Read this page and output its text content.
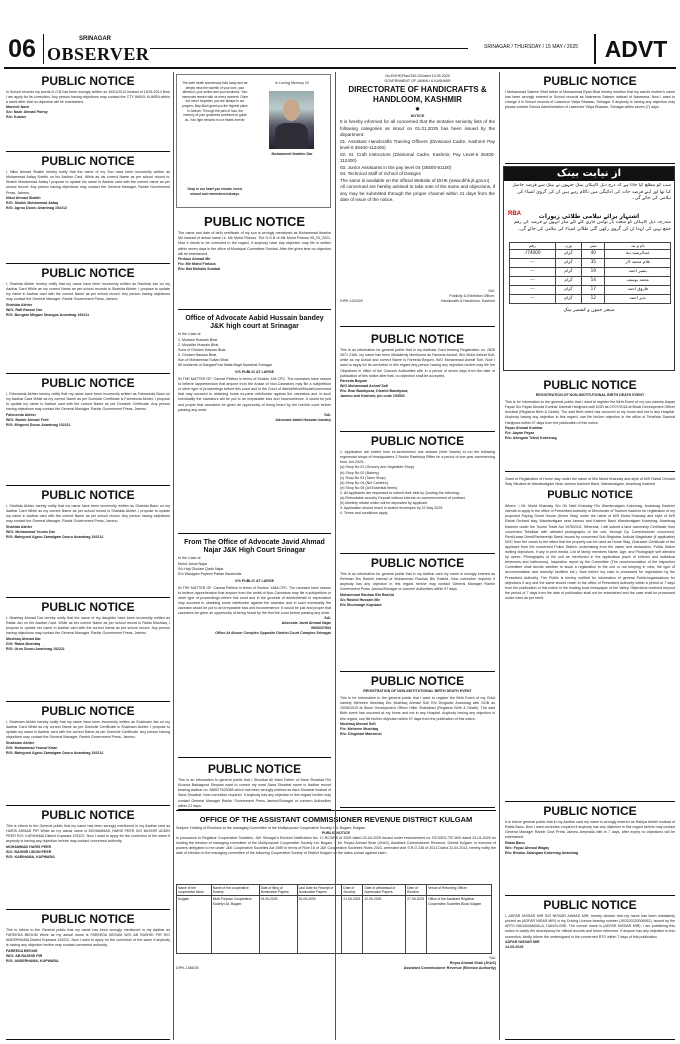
06	SRINAGAR
OBSERVER	SRINAGAR / THURSDAY / 15 MAY / 2025	ADVT
The sixth death anniversary falls today and we deeply miss the warmth of your love, your affection, your smiles and your kindness. Your memories remain with us every moment. Gone but never forgotten; you are always in our prayers. May Allah grant you the highest place in Jannah. Through the pain of loss, the memory of your goodness continues to guide us. Your light remains in our hearts forever.
Deep in our heart you remain, loved, missed and remembered always.
In Loving Memory Of
Mohammed Ibrahim Dar
No:DHHK/Plan/330-D/Dated 13.05.2025
GOVERNMENT OF JAMMU & KASHMIR
DIRECTORATE OF HANDICRAFTS & HANDLOOM, KASHMIR
✸
NOTICE
It is hereby informed for all concerned that the tentative seniority lists of the following categories as stood on 01.01.2025 has been issued by the department:
01. Assistant Handicrafts Training Officers (Divisional Cadre, Kashmir Pay level-6 35400-112400)
02. Sr. Craft Instructors (Divisional Cadre, Kashmir, Pay Level-6 35400-112400)
03. Junior Assistants in the pay level 04 (25500-81100)
04. Technical Staff of School of Designs
The same is available on the official Website of DIHK (www.dihk.jk.gov.in)
All concerned are hereby advised to take note of the same and objections, if any may be submitted through the proper channel within 21 days from the date of issue of the notice.
Sd/-
Publicity & Exhibition Officer,
DIPK-1423/25	Handicrafts & Handloom, Kashmir
OFFICE OF THE ASSISTANT COMMISSIONER REVENUE DISTRICT KULGAM
Subject: Holding of Elections to the managing Committee of the Multipurpose Cooperative Society Ltd. Bugam, Kulgam.
PUBLIC NOTICE
In pursuance to Registrar Cooperative Societies, J&K Srinagar's Election Notification No: 17-RCS/ES of 2025 dated 23-04-2025 issued under endorsement no: RCS/ES/-797-805 dated 23-04-2025 for holding the election of managing committee of the Multipurpose Cooperative Society Ltd. Bugam, I, Mr. Reyaz Ahmad Shah (JKAS), Assistant Commissioner Revenue, District Kulgam. In exercise of powers delegated to me under J&K Cooperative Societies Act 1989 in terms of Rule 16 of J&K Cooperative Societies Rules 2003, amended vide S.R.O 236 of 2013 Dated 23-04-2013, hereby notify the date of election to the managing committee of the following Cooperative Society of District Kulgam on the dates shown against each:-
Name of the cooperative block	Name of the cooperative Society	Date of filing of Nomination Papers	Last Date for Receipt of Nomination Papers	Date of Scrutiny	Date of withdrawal of Nomination Papers	Date of Election	Venue of Returning Officer
Kulgam	Multi Purpose Cooperative Society Ltd. Bugam	19-05-2025	20-05-2025	21-05-2025	22-05-2025	27-05-2025	Office of the Assistant Registrar Cooperative Societies Block Kulgam
Sd/-
Reyaz Ahmad Shah (JKAS)
DIPK-1385/25	Assistant Commissioner Revenue (Election Authority)
از نیابت بینک
سب کو مطلع کیا جاتا ہے کہ درج ذیل گاہکان بینک جنہوں نے بینک سے قرضہ حاصل کیا تھا اور اپنے قرضہ جات کی ادائیگی میں ناکام رہے ہیں ان کی گروی اشیاء کی نیلامی کی جائے گی۔
RBA	اشتہار برائے نیلامی طلائی زیورات
مندرجہ ذیل گاہکان کو متعدد بار نوٹس جاری کئے گئے مگر انہوں نے قرضہ کی رقم جمع نہیں کی لہٰذا ان کی گروی رکھی گئی طلائی اشیاء کی نیلامی کی جائے گی۔
نام و پتہ	نمبر	وزن	رقم
عبدالرشید بٹ	40	گرام	74000/-
غلام محمد ڈار	35	گرام	---
بشیر احمد	19	گرام	---
محمد یوسف	14	گرام	---
فاروق احمد	17	گرام	---
نذیر احمد	12	گرام	---
منیجر جموں و کشمیر بینک
PUBLIC NOTICE
In School records my words D.O.B has been wrongly written as 16/01/2014 instead of 15/01/2014 Now I am apply for its correction. Any person having objections may contact the CTY WAKIL KUMRA within a week after that no objection will be entertained.
Muneeb Nazir
S/o: Nazir Ahmad Parray
R/o: Kuwan
PUBLIC NOTICE
I, Nikul Ahmad Shaikh hereby notify that the name of my Son have been incorrectly written as Mohammad Aafaq Sheikh on his Aadhar Card. While as his correct Name as per school record is: Shaikh Mohammad Aafaq I propose to update his name in Aadhar card with the correct name as per school record. Any person having objections may contact the General Manager, Ranbir Government Press, Jammu.
Nikul Ahmad Shaikh
R/O: Shaikh Mohammad Aafaq
R/O: Agroo Dooru Anantnag 192212
PUBLIC NOTICE
I, Shahida Akhter hereby notify that my name have been incorrectly written as Rashida Jan on my Aadhar Card While as my correct Name as per school records is Shahida Akhter. I propose to update my name in Aadhar card with the correct Name as per school record. Any person having objections may contact the General Manager, Ranbir Government Press, Jammu.
Shahida Akhter
W/O: Rafi Rasool Dar
R/O: Bongam Mirgam Shangus Anantnag 192211
PUBLIC NOTICE
I, Fahmeeda Akhter hereby notify that my name have been incorrectly written as Fahmeeda Bano on my Aadhar Card While as my correct Name as per Domicile Certificate is Fahmeeda Akhter. I propose to update my name in Aadhar card with the correct Name as per Domicile Certificate. Any person having objections may contact the General Manager, Ranbir Government Press, Jammu.
Fahmeeda Akhter
W/O: Bashir Ahmad Teeli
R/O: Mirgund Dooru Anantnag 192211
PUBLIC NOTICE
I, Shahida Akhter hereby notify that my name have been incorrectly written as Shahida Bano on my Aadhar Card While as my correct Name as per school record is Shahida Akhter. I propose to update my name in Aadhar card with the correct Name as per school record. Any person having objections may contact the General Manager, Ranbir Government Press, Jammu.
Shahida Akhter
W/O: Mohammad Younis Dar
R/O: Bategund Agroo Zamalgam Dooru Anantnag 192212
PUBLIC NOTICE
I, Mushtaq Ahmad Dar hereby notify that the name of my daughter have been incorrectly written as Rabia Jan on her Aadhar Card. While as her correct Name as per school record is Rabia Mushtaq. I propose to update her name in Aadhar card with the correct Name as per school record. Any person having objections may contact the General Manager, Ranbir Government Press, Jammu.
Mushtaq Ahmad Dar
D/O: Rabia Mushtaq
R/O: Uroo Dooru Anantnag 192211
PUBLIC NOTICE
I, Shabnam Akhter hereby notify that my name have been incorrectly written as Shabnam Jan on my Aadhar Card While as my correct Name as per Domicile Certificate is Shabnam Akhter. I propose to update my name in Aadhar card with the correct Name as per Domicile Certificate. Any person having objections may contact the General Manager, Ranbir Government Press, Jammu.
Shabnam Akhter
D/O: Mohammad Yousuf Khan
R/O: Bategund Agroo Zamalgam Dooru Anantnag 192212
PUBLIC NOTICE
This is inform to the General public that my name has been wrongly mentioned in my Aadhar card as HARIS AHMAD PIR While as my actual name is MOHAMMAD HARIS PEER S/O BASHIR UDDIN PEER R/O: KARIHAMA District Kupwara 193222. Now I want to apply for the correction of the same if anybody is having any objection he/she may contact concerned authority.
MOHAMMAD HARIS PEER
S/O: BASHIR UDDIN PEER
R/O: KARIHAMA, KUPWARA
PUBLIC NOTICE
This is inform to the General public that my name has been wrongly mentioned in my Aadhar as FAREEDA BEGUM While as my actual name is FAREEDA BEGUM W/O AB RASHID PIR R/O ANDERHAMA District Kupwara 193222. Now I want to apply for the correction of the same if anybody is having any objection he/she may contact concerned authority.
FAREEDA BEGUM
W/O: AB RASHID PIR
R/O: ANDERHAMA, KUPWARA
PUBLIC NOTICE
The name and date of birth certificate of my son is wrongly mentioned as Mohammad Ibrahim Mir instead of actual name i.e. Mir Mohd Firdous. The D.O.B of Mir Mohd Firdous 05_03_2021. Now it needs to be corrected in the regard, if anybody have any objection may file in written within seven days in the office of Municipal Committee Sumbal. After the given time no objection will be entertained.
Firdous Ahmad Mir
F/o: Mir Mohd Firdous
R/o: Bat Mohalla Sumbal
Office of Advocate Aabid Hussain bandey
J&K high court at Srinagar
In the Case of:
1. Mudasir Hussain Bhat.
2. Muzaffar Hussain Bhat.
Sons of Ghulam Hassan Bhat.
3. Ghulam Hassan Bhat.
Son of Mohammad Sultan Bhat.
All residents of GanganPora Malla Bagh Nazarbal Srinagar
V/S PUBLIC AT LARGE
IN THE MATTER OF: Caveat Petition in terms of Section 148 CPC. The caveators have reason to believe /apprehension that anyone from the Ansari of Non-Caveators may file a suit/petition or other type of proceedings before this court and in the Court of district/tehsil/Munsif/concerned that may succeed in obtaining some ex-parte relief/order against the caveators and in such eventuality the caveators will be put to an irreparable loss and inconvenience. It would be just and proper that caveators be given an opportunity of being heard by the hon'ble court before passing any order.
Sd/-
Advocate Aabid Hussain bandey
From The Office of Advocate Javid Ahmad
Najar J&K High Court Srinagar
In the Case of:
Mohd Jamal Najar
S/o Haji Ghulam Qadir Najar
R/o Wanigam Payeen Pattan Baramulla
V/S PUBLIC AT LARGE
IN THE MATTER OF: Caveat Petition in terms of Section 148A CPC. The caveator have reason to believe /apprehension that anyone from the ambit of Non-Caveators may file a suit/petition or other type of proceedings before this court and in the grounds of district/tehsil/ in expectation may succeed in obtaining some relief/order against the caveator and in such eventuality the caveator would be put to an irreparable loss and inconvenience. It would be just and proper that caveators be given an opportunity of being heard by the Hon'ble court before passing any order.
Sd/-
Advocate Javid Ahmad Najar
9906037894
Office At Alnoor Complex Opposite District Court Complex Srinagar
PUBLIC NOTICE
This is an information to general public that I Showkat Ali Wani Father of Sana Showkat R/o Khonsa Baktagund Shopian want to correct my ward Sana Showkat name in Aadhar record bearing Aadhar no. 588577623058 which has been wrongly entered as Asra Showkat instead of Sana Showkat. Now correction required. If anybody has any objection in this regard he/she may contact General Manager Ranbir Government Press Jammu/Srinagar or concern Authorities within 21 days.
PUBLIC NOTICE
This is an information for general public that in my Aadhaar Card bearing Registration no. 2826 2671 2166, my name has been Mistakenly Mentioned as Fareeda Ashraf, W/o Mohd Ashraf Sofi, while as my Actual and correct Name is Fareeda Begum, W/O Mohammad Ashraf Sofi. Now I want to apply for its correction in this regard any person having any objection he/she may file the Objections in office of the Concern Authorities with in a period of seven days from the date of publication of this notice after that, no objection shall be accepted.
Fareeda Begum
W/O Mohammad Ashraf Sofi
R/o: Brar Bandipora, District Bandipora,
Jammu and Kashmir, pin code 193502
PUBLIC NOTICE
1. Application are invited from ex-servicemen/ war widows (Veer Naaris) to run the following regimental shops of Headquarters 2 Sector Rashtriya Rifles for a period of one year commencing from Jun 2025:-
(a) Shop No 01 (Grocery and Vegetable Shop).
(b) Shop No 02 (Bakery).
(c) Shop No 03 (Tailor Shop).
(d) Shop No 04 (Net Canteen).
(e) Shop No 05 (All Essential Items).
2. All applicants are requested to submit their bids by Quoting the following:-
(a) Refundable security Deposit without interest on commencement of contract.
(b) Monthly rebate which will be deposited by applicant.
3. Application should reach in sealed envelopes by 22 May 2025.
4. Terms and conditions apply.
PUBLIC NOTICE
This is an information for general public that in my Aadhar card my name is wrongly entered as Rehman Bin Rashid instead of Mohammad Rauhan Bin Rashid. Now correction required if anybody has any objection in this regard he/she may contact General Manager Ranbir Government Press Jammu/Srinagar or concern Authorities within 07 days.
Mohammad Rauhan Bin Rashid
S/o Rashid Hussain Mir
R/o Shumnagh Kupwara
PUBLIC NOTICE
REGISTRATION OF NON-INSTITUTIONAL BIRTH DEATH EVENT
This is for information to the general public that I want to register the Birth Event of my Child namely Mehreen Mushtaq D/o Mushtaq Ahmad Sofi R/o Dingiwari Anantnag with DOB as 10/06/2019 at Block Development Officer Hiller Shahabad (Registrar Birth & Death). The said Birth event has occurred at my home and not in any Hospital. Anybody having any objection in this regard, can file his/her objection within 07 days from the publication of this notice.
Mushtaq Ahmad Sofi
F/o: Mehreen Mushtaq
R/o: Dingiwari Manzmoh
PUBLIC NOTICE
I Mohammad Saleem Bhat father of Mohammad Ryan Bhat hereby mention that my ward's mother's name has been wrongly entered in School records as Nasreena Saleem instead of Nasreena. Now I want to change it in School records of Lawrence Vidya Bhawan, Srinagar. If anybody is having any objection may please contact School Administration of Lawrence Vidya Bhawan, Srinagar within seven (7) days.
PUBLIC NOTICE
REGISTRATION OF NON-INSTITUTIONAL BIRTH DEATH EVENT
This is for information to the general public that I want to register the Birth Event of my son namely Aayan Fayaz S/o Fayaz Ahmad Kumhar Damhal Hanjipora with DOB as 07/07/2018 at Block Development Officer Achabal (Registrar Birth & Death). The said Birth event has occurred at my home and not in any Hospital. Anybody having any objection in this regard, can file his/her objection in the office of Tehsildar Damhal Hanjipora within 07 days from the publication of this notice.
Fayaz Ahmad Kumhar
F/o: Aayan Fayaz
R/o: Akingam Tehsil Kokernag
Grant of Registration of Home stay under the name of M/s Mohd Khanday and style of M/S Rahat Orchard Stay Situated at Wandevalgam Near Jammu Kashmir Bank, Wandevalgam, Anantnag Kashmir
PUBLIC NOTICE
Where, I Mr. Mohd Khanday S/o Gh Nabi Khanday R/o Wandevalgam Kokernag, Anantnag Kashmir intends to apply in the office of Prescribed Authority of Directorate of Tourism Kashmir for registration of my proposed Paying Guest House (Home Stay) under the name of M/S Mohd Khanday and style of M/S Rahat Orchard stay, Wandevalgam near Jammu and Kashmir Bank Wandevalgam Kokernag, Anantnag Kashmir under the Tourist Trade Act 1978/2011. Whereas, I will submit a land ownership Certificate from concerned Tehsildar with attested photographs of the unit, through Dy. Commissioner concerned, Rent/Lease Deed/Partnership Deed/ issued by concerned Sub-Registrar Judicial Magistrate (if applicable) NOC from the owner to the effect that the property can be used as Home Stay, Character Certificate of the applicant from the concerned Police Station, undertaking from the owner and declaration. Public Notice inviting objections, if any in print media. List of family members Name, Age, and Photograph self attested by owner. Photographs of the unit as mentioned in the application (each of exterior and individual bedrooms and bathrooms). Inspection report by the Committee (The recommendation of the inspection Committee shall decide whether to issue a registration to the unit or not keeping in view, the type of accommodation and amenity/ facilities etc.). Now before my case is processed for registration by the Prescribed Authority, The Public is hereby notified for information of general Public/organizations for objections if any and the same should reach to the office of Prescribed Authority within a period of 7 days from the publication of this notice in the leading local newspaper of the Valley. Objections received beyond the period of 7 days from the date of publication shall not be entertained and the case shall be processed under rules as per merit.
PUBLIC NOTICE
It is inform general public that in my Aadhar card my name is wrongly entered as Rabiya Akhter instead of Rabia Bano. Now I want correction required if anybody has any objection in this regard he/she may contact General Manager Ranbir Govt Press Jammu Amphalla with in 7 days, after expiry no objections will be entertained.
Rabia Bano
W/o: Fayaz Ahmad Wagay
R/o: Bindoo Zalangam Kokernag Anantnag
PUBLIC NOTICE
I, ADFAR NISSAR MIR S/O NISSAR AHMAD MIR, hereby declare that my name has been mistakenly printed as (ADFAR NISAR MIR) in my Driving Licence bearing number (JK0220220006952), issued by the ARTO NAGAMANDALA, DANGLORE. The correct name is (ADFAR NISSAR MIR). I am publishing this notice to clarify the discrepancy for official records and future reference. If anyone has any objection to this correction, kindly inform the undersigned or the concerned RTO within 7 days of this publication.
ADFAR NISSAR MIR
14-05-2025
